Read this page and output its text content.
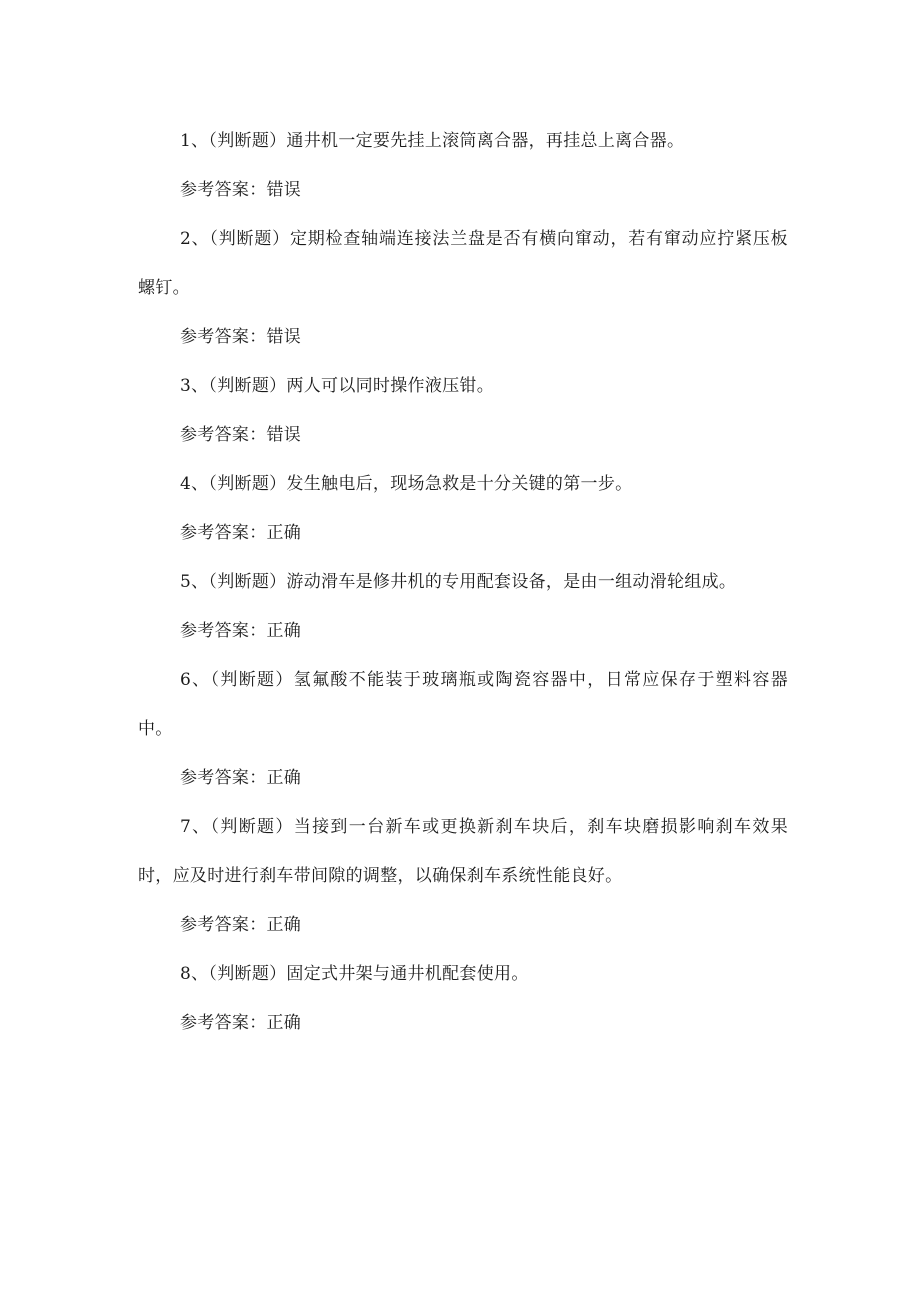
1、（判断题）通井机一定要先挂上滚筒离合器，再挂总上离合器。

参考答案：错误

2、（判断题）定期检查轴端连接法兰盘是否有横向窜动，若有窜动应拧紧压板螺钉。

参考答案：错误

3、（判断题）两人可以同时操作液压钳。

参考答案：错误

4、（判断题）发生触电后，现场急救是十分关键的第一步。

参考答案：正确

5、（判断题）游动滑车是修井机的专用配套设备，是由一组动滑轮组成。

参考答案：正确

6、（判断题）氢氟酸不能装于玻璃瓶或陶瓷容器中，日常应保存于塑料容器中。

参考答案：正确

7、（判断题）当接到一台新车或更换新刹车块后，刹车块磨损影响刹车效果时，应及时进行刹车带间隙的调整，以确保刹车系统性能良好。

参考答案：正确

8、（判断题）固定式井架与通井机配套使用。

参考答案：正确
